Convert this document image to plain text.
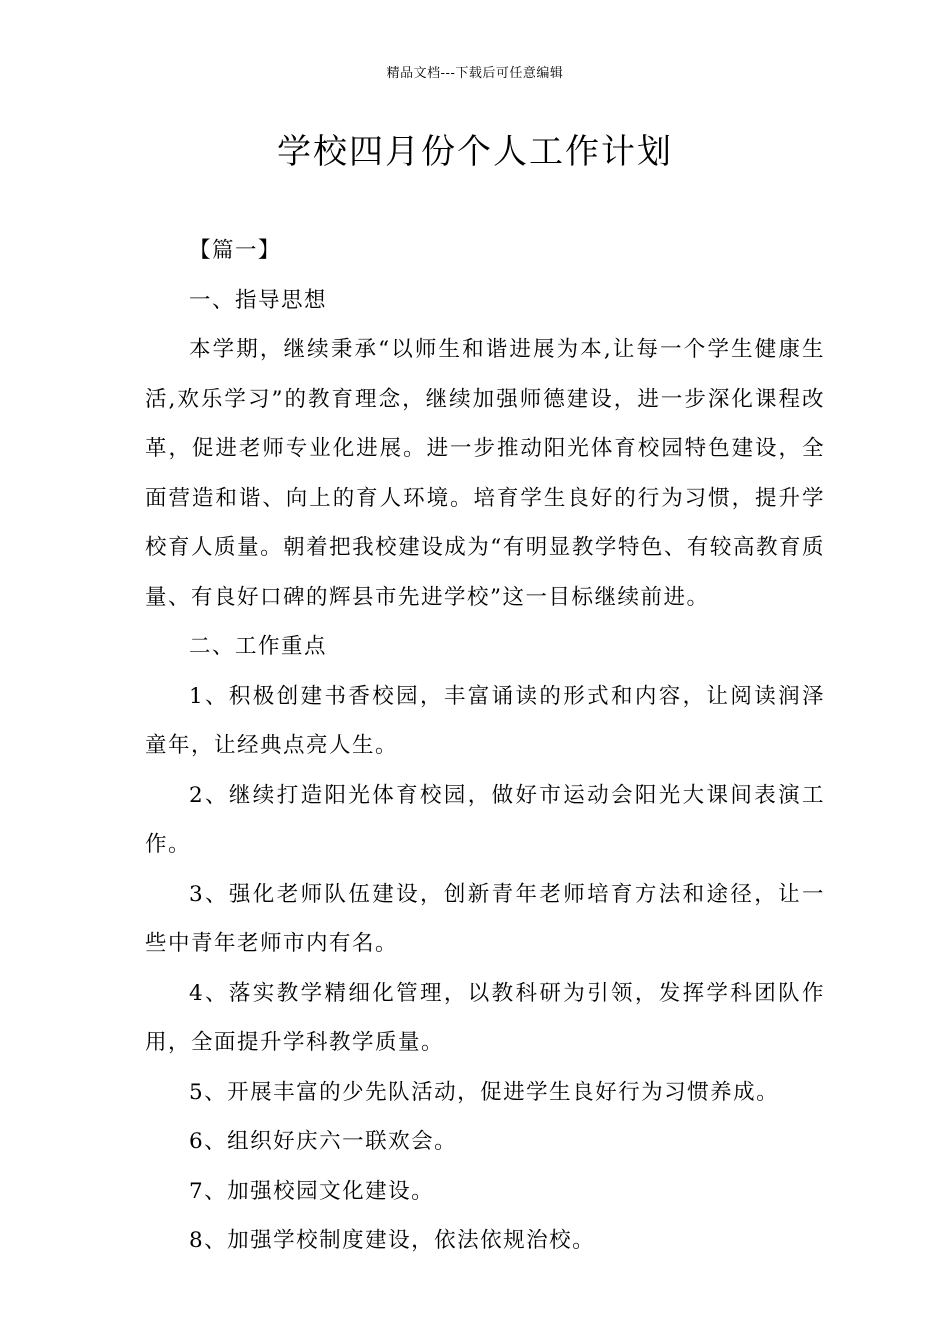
精品文档---下载后可任意编辑
学校四月份个人工作计划

【篇一】

一、指导思想

本学期，继续秉承“以师生和谐进展为本,让每一个学生健康生活,欢乐学习”的教育理念，继续加强师德建设，进一步深化课程改革，促进老师专业化进展。进一步推动阳光体育校园特色建设，全面营造和谐、向上的育人环境。培育学生良好的行为习惯，提升学校育人质量。朝着把我校建设成为“有明显教学特色、有较高教育质量、有良好口碑的辉县市先进学校”这一目标继续前进。

二、工作重点

1、积极创建书香校园，丰富诵读的形式和内容，让阅读润泽童年，让经典点亮人生。

2、继续打造阳光体育校园，做好市运动会阳光大课间表演工作。

3、强化老师队伍建设，创新青年老师培育方法和途径，让一些中青年老师市内有名。

4、落实教学精细化管理，以教科研为引领，发挥学科团队作用，全面提升学科教学质量。

5、开展丰富的少先队活动，促进学生良好行为习惯养成。

6、组织好庆六一联欢会。

7、加强校园文化建设。

8、加强学校制度建设，依法依规治校。
